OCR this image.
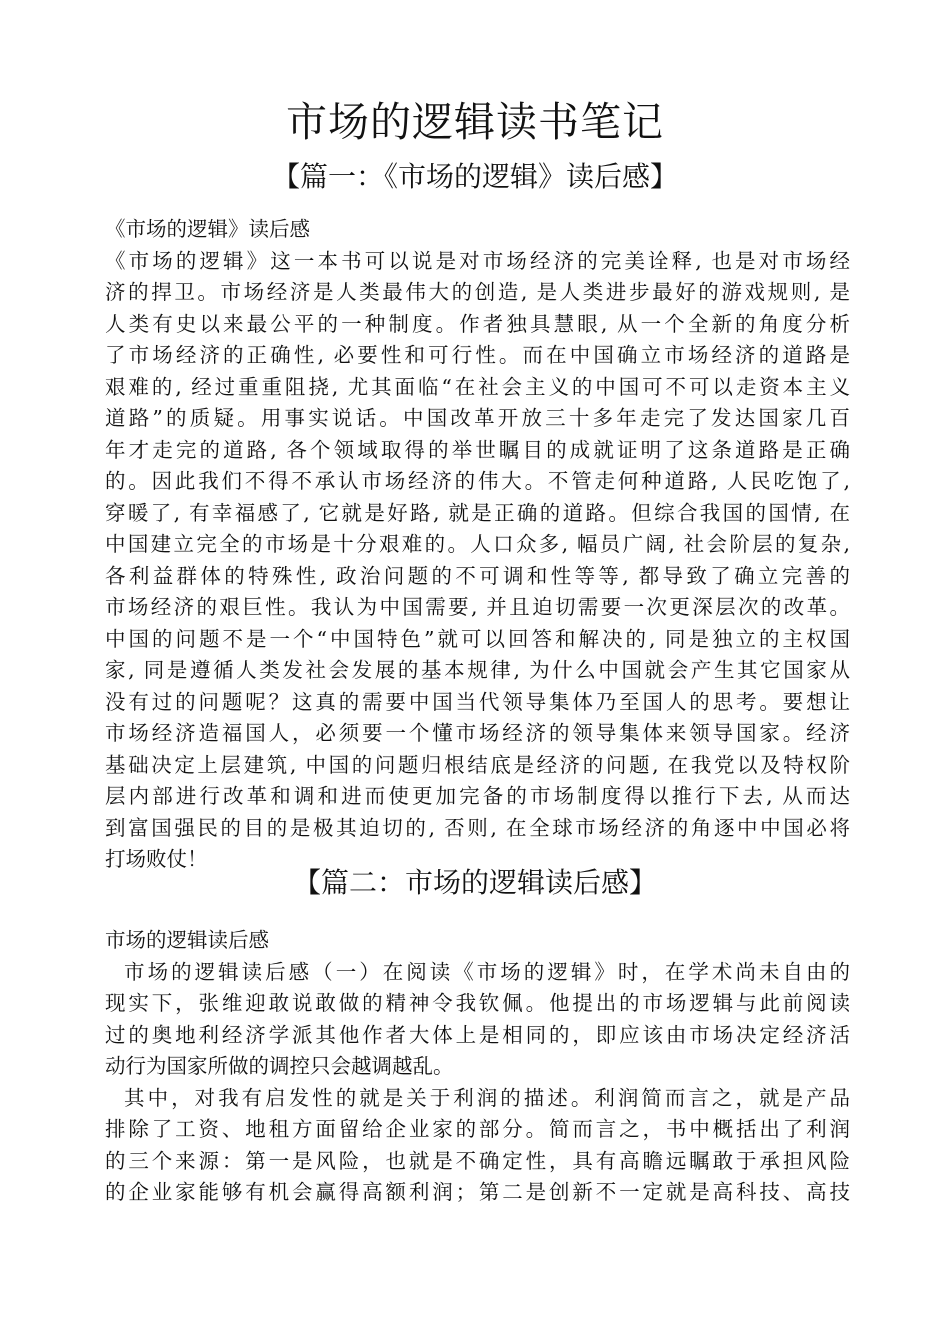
市场的逻辑读书笔记
【篇一：《市场的逻辑》读后感】
《市场的逻辑》读后感
《市场的逻辑》这一本书可以说是对市场经济的完美诠释, 也是对市场经
济的捍卫。市场经济是人类最伟大的创造, 是人类进步最好的游戏规则, 是
人类有史以来最公平的一种制度。作者独具慧眼, 从一个全新的角度分析
了市场经济的正确性, 必要性和可行性。而在中国确立市场经济的道路是
艰难的, 经过重重阻挠, 尤其面临“在社会主义的中国可不可以走资本主义
道路”的质疑。用事实说话。中国改革开放三十多年走完了发达国家几百
年才走完的道路, 各个领域取得的举世瞩目的成就证明了这条道路是正确
的。因此我们不得不承认市场经济的伟大。不管走何种道路, 人民吃饱了,
穿暖了, 有幸福感了, 它就是好路, 就是正确的道路。但综合我国的国情, 在
中国建立完全的市场是十分艰难的。人口众多, 幅员广阔, 社会阶层的复杂,
各利益群体的特殊性, 政治问题的不可调和性等等, 都导致了确立完善的
市场经济的艰巨性。我认为中国需要, 并且迫切需要一次更深层次的改革。
中国的问题不是一个“中国特色”就可以回答和解决的, 同是独立的主权国
家, 同是遵循人类发社会发展的基本规律, 为什么中国就会产生其它国家从
没有过的问题呢？这真的需要中国当代领导集体乃至国人的思考。要想让
市场经济造福国人，必须要一个懂市场经济的领导集体来领导国家。经济
基础决定上层建筑, 中国的问题归根结底是经济的问题, 在我党以及特权阶
层内部进行改革和调和进而使更加完备的市场制度得以推行下去, 从而达
到富国强民的目的是极其迫切的, 否则, 在全球市场经济的角逐中中国必将
打场败仗！
【篇二：市场的逻辑读后感】
市场的逻辑读后感
市场的逻辑读后感（一）在阅读《市场的逻辑》时，在学术尚未自由的
现实下，张维迎敢说敢做的精神令我钦佩。他提出的市场逻辑与此前阅读
过的奥地利经济学派其他作者大体上是相同的，即应该由市场决定经济活
动行为国家所做的调控只会越调越乱。
其中，对我有启发性的就是关于利润的描述。利润简而言之，就是产品
排除了工资、地租方面留给企业家的部分。简而言之，书中概括出了利润
的三个来源：第一是风险，也就是不确定性，具有高瞻远瞩敢于承担风险
的企业家能够有机会赢得高额利润；第二是创新不一定就是高科技、高技
